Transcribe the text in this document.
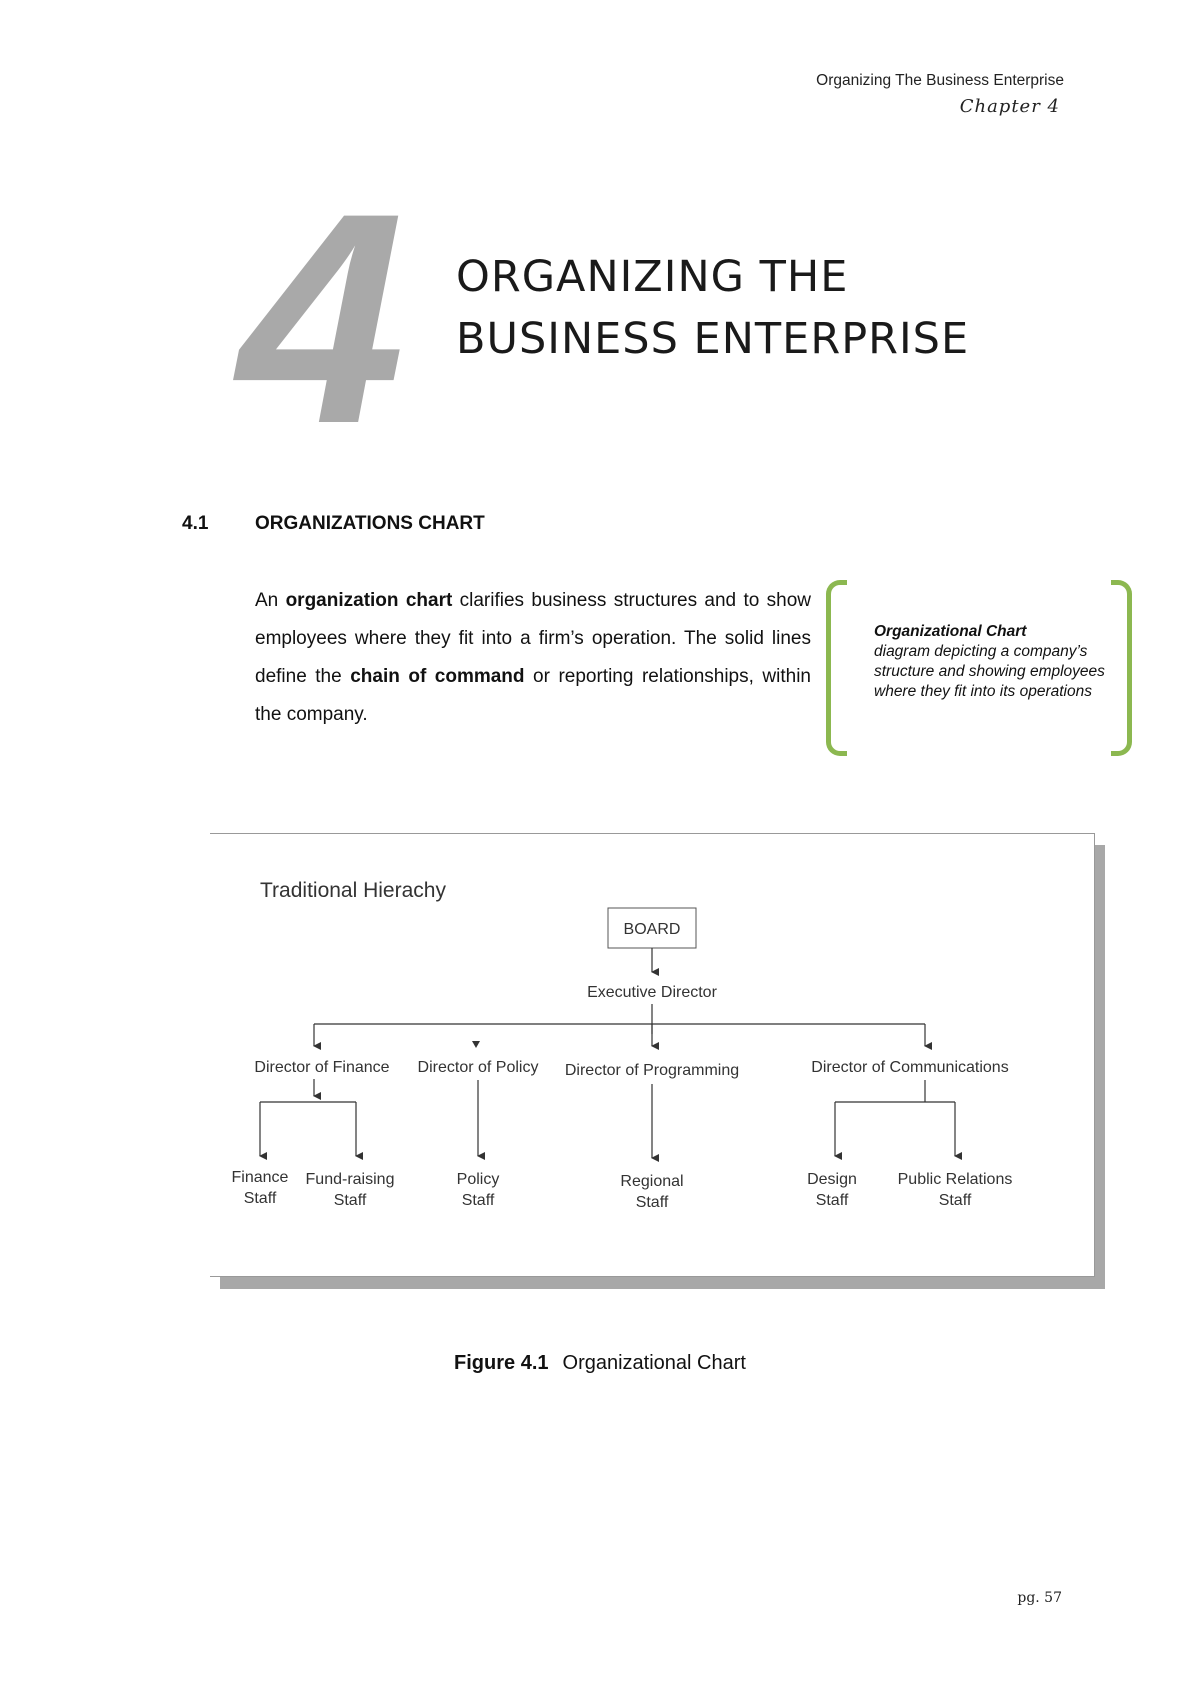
Organizing The Business Enterprise
Chapter 4
4 ORGANIZING THE
BUSINESS ENTERPRISE
4.1 ORGANIZATIONS CHART

An organization chart clarifies business structures and to show employees where they fit into a firm’s operation. The solid lines define the chain of command or reporting relationships, within the company.

Organizational Chart
diagram depicting a company’s structure and showing employees where they fit into its operations
Traditional Hierachy
BOARD
Executive Director
Director of Finance Director of Policy Director of Programming	Director of Communications
Finance
Staff
Fund-raising
Staff
Policy
Staff
Regional
Staff
Design
Staff
Public Relations
Staff
Figure 4.1 Organizational Chart
pg. 57
